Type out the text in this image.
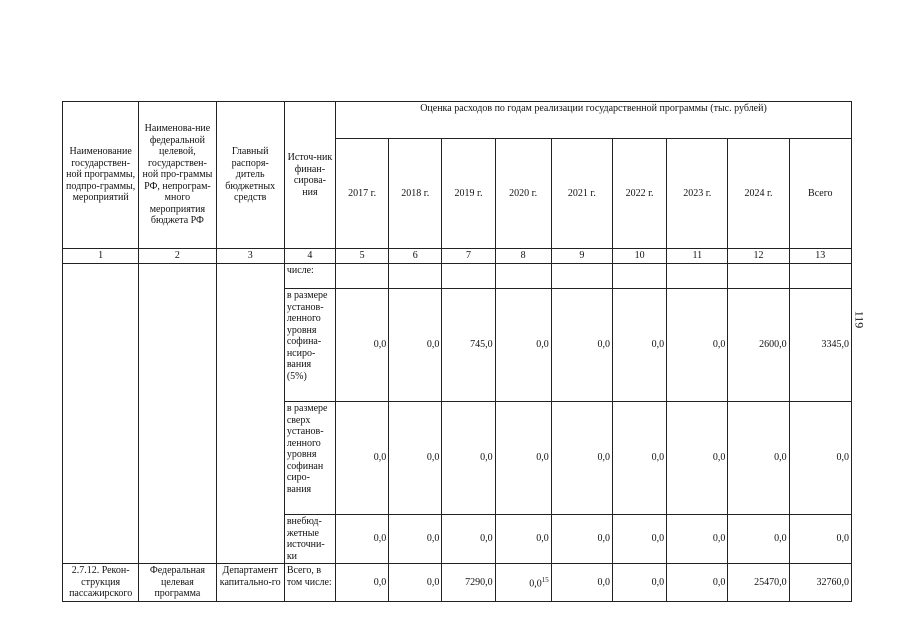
119
Наименование государствен-ной программы, подпро-граммы, мероприятий	Наименова-ние федеральной целевой, государствен-ной про-граммы РФ, непрограм-много мероприятия бюджета РФ	Главный распоря-дитель бюджетных средств	Источ-ник финан-сирова-ния	Оценка расходов по годам реализации государственной программы (тыс. рублей)								
				2017 г.	2018 г.	2019 г.	2020 г.	2021 г.	2022 г.	2023 г.	2024 г.	Всего
1	2	3	4	5	6	7	8	9	10	11	12	13
			числе:									
			в размере установ-ленного уровня софина-нсиро-вания (5%)	0,0	0,0	745,0	0,0	0,0	0,0	0,0	2600,0	3345,0
			в размере сверх установ-ленного уровня софинан сиро-вания	0,0	0,0	0,0	0,0	0,0	0,0	0,0	0,0	0,0
			внебюд-жетные источни-ки	0,0	0,0	0,0	0,0	0,0	0,0	0,0	0,0	0,0
2.7.12. Рекон-струкция пассажирского	Федеральная целевая программа	Департамент капитально-го	Всего, в том числе:	0,0	0,0	7290,0	$0,0^{15}$	0,0	0,0	0,0	25470,0	32760,0
